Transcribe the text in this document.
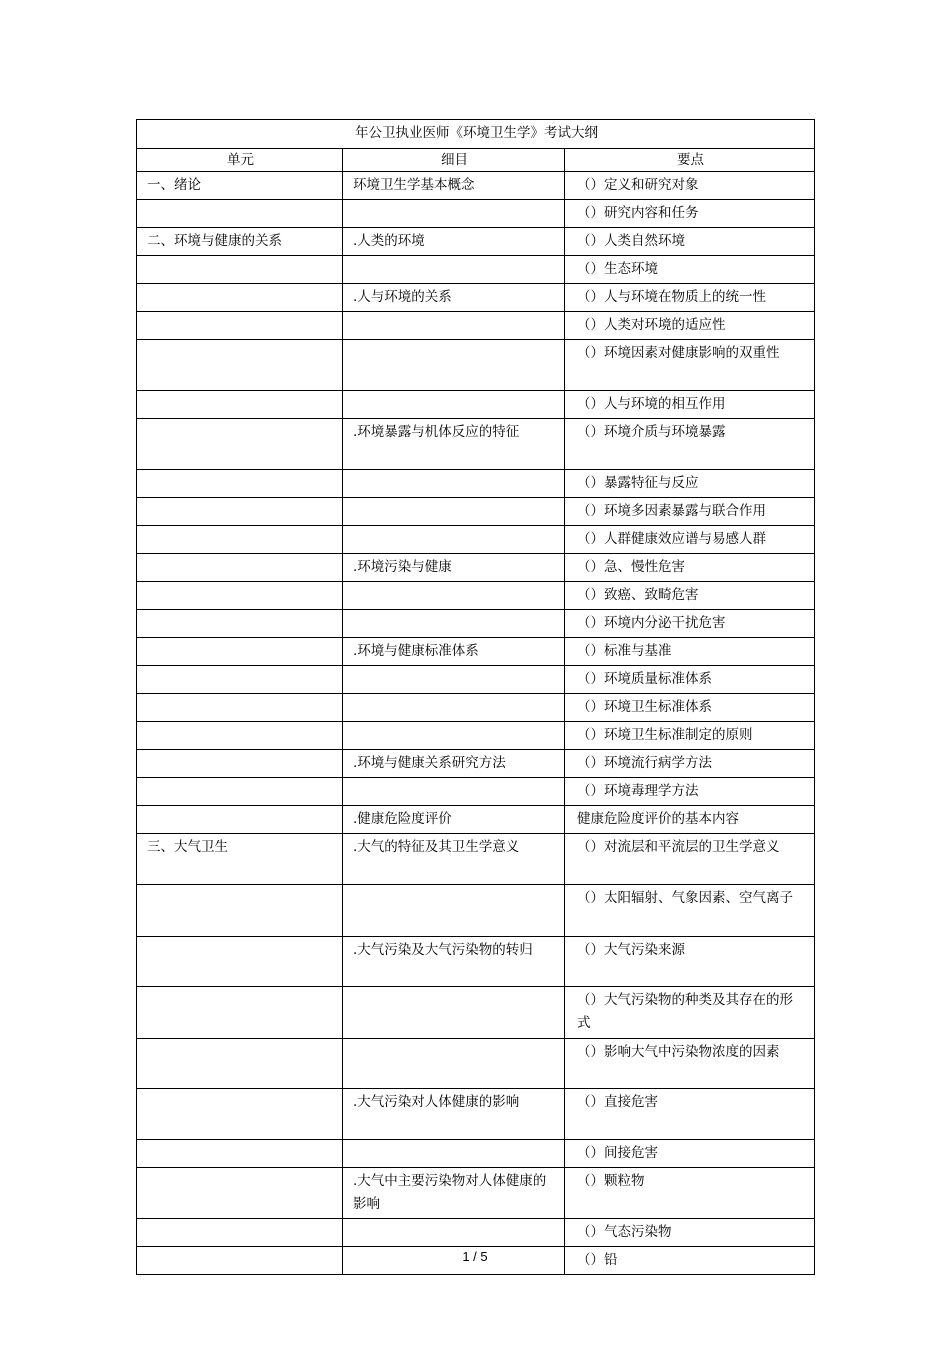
年公卫执业医师《环境卫生学》考试大纲		
单元	细目	要点
一、绪论	环境卫生学基本概念	（）定义和研究对象
		（）研究内容和任务
二、环境与健康的关系	.人类的环境	（）人类自然环境
		（）生态环境
	.人与环境的关系	（）人与环境在物质上的统一性
		（）人类对环境的适应性
		（）环境因素对健康影响的双重性
		（）人与环境的相互作用
	.环境暴露与机体反应的特征	（）环境介质与环境暴露
		（）暴露特征与反应
		（）环境多因素暴露与联合作用
		（）人群健康效应谱与易感人群
	.环境污染与健康	（）急、慢性危害
		（）致癌、致畸危害
		（）环境内分泌干扰危害
	.环境与健康标准体系	（）标准与基准
		（）环境质量标准体系
		（）环境卫生标准体系
		（）环境卫生标准制定的原则
	.环境与健康关系研究方法	（）环境流行病学方法
		（）环境毒理学方法
	.健康危险度评价	健康危险度评价的基本内容
三、大气卫生	.大气的特征及其卫生学意义	（）对流层和平流层的卫生学意义
		（）太阳辐射、气象因素、空气离子
	.大气污染及大气污染物的转归	（）大气污染来源
		（）大气污染物的种类及其存在的形式
		（）影响大气中污染物浓度的因素
	.大气污染对人体健康的影响	（）直接危害
		（）间接危害
	.大气中主要污染物对人体健康的影响	（）颗粒物
		（）气态污染物
		（）铅
1 / 5
